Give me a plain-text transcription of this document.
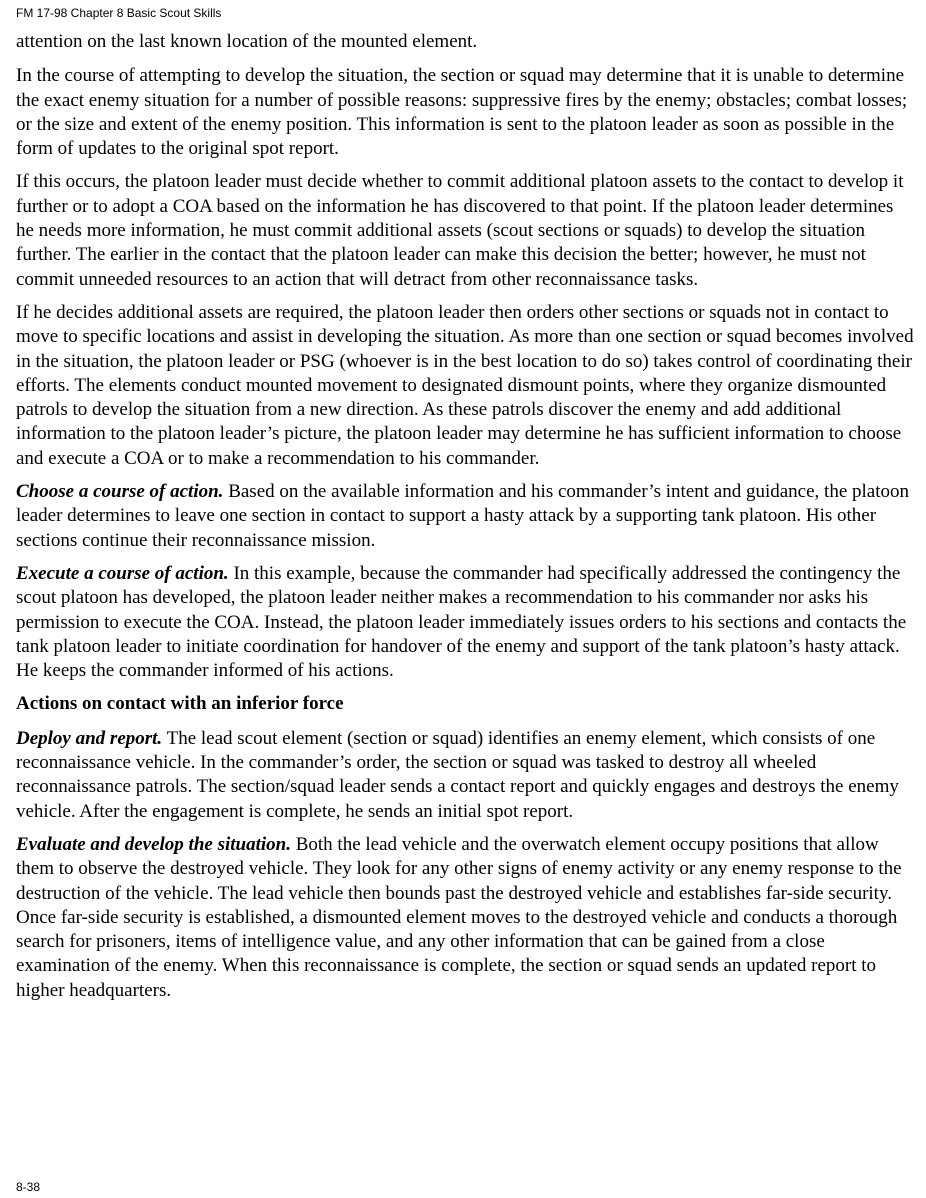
FM 17-98 Chapter 8 Basic Scout Skills

attention on the last known location of the mounted element.

In the course of attempting to develop the situation, the section or squad may determine that it is unable to determine the exact enemy situation for a number of possible reasons: suppressive fires by the enemy; obstacles; combat losses; or the size and extent of the enemy position. This information is sent to the platoon leader as soon as possible in the form of updates to the original spot report.

If this occurs, the platoon leader must decide whether to commit additional platoon assets to the contact to develop it further or to adopt a COA based on the information he has discovered to that point. If the platoon leader determines he needs more information, he must commit additional assets (scout sections or squads) to develop the situation further. The earlier in the contact that the platoon leader can make this decision the better; however, he must not commit unneeded resources to an action that will detract from other reconnaissance tasks.

If he decides additional assets are required, the platoon leader then orders other sections or squads not in contact to move to specific locations and assist in developing the situation. As more than one section or squad becomes involved in the situation, the platoon leader or PSG (whoever is in the best location to do so) takes control of coordinating their efforts. The elements conduct mounted movement to designated dismount points, where they organize dismounted patrols to develop the situation from a new direction. As these patrols discover the enemy and add additional information to the platoon leader’s picture, the platoon leader may determine he has sufficient information to choose and execute a COA or to make a recommendation to his commander.

Choose a course of action. Based on the available information and his commander’s intent and guidance, the platoon leader determines to leave one section in contact to support a hasty attack by a supporting tank platoon. His other sections continue their reconnaissance mission.

Execute a course of action. In this example, because the commander had specifically addressed the contingency the scout platoon has developed, the platoon leader neither makes a recommendation to his commander nor asks his permission to execute the COA. Instead, the platoon leader immediately issues orders to his sections and contacts the tank platoon leader to initiate coordination for handover of the enemy and support of the tank platoon’s hasty attack. He keeps the commander informed of his actions.

Actions on contact with an inferior force

Deploy and report. The lead scout element (section or squad) identifies an enemy element, which consists of one reconnaissance vehicle. In the commander’s order, the section or squad was tasked to destroy all wheeled reconnaissance patrols. The section/squad leader sends a contact report and quickly engages and destroys the enemy vehicle. After the engagement is complete, he sends an initial spot report.

Evaluate and develop the situation. Both the lead vehicle and the overwatch element occupy positions that allow them to observe the destroyed vehicle. They look for any other signs of enemy activity or any enemy response to the destruction of the vehicle. The lead vehicle then bounds past the destroyed vehicle and establishes far-side security. Once far-side security is established, a dismounted element moves to the destroyed vehicle and conducts a thorough search for prisoners, items of intelligence value, and any other information that can be gained from a close examination of the enemy. When this reconnaissance is complete, the section or squad sends an updated report to higher headquarters.

8-38
